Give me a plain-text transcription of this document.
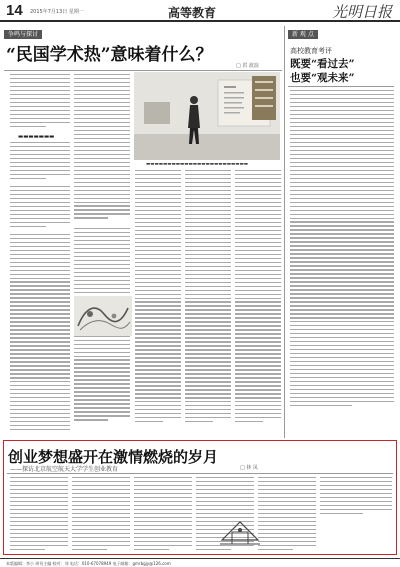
14 2015年7月13日 星期一	高等教育	光明日报
争鸣与探讨
“民国学术热”意味着什么？
□ 洪 波浪
▬▬▬▬▬▬▬
▬▬▬▬▬▬▬▬▬▬▬▬▬▬▬▬▬▬▬▬▬▬▬▬
新 观 点
高校教育考评
既要“看过去”
也要“观未来”
创业梦想盛开在激情燃烧的岁月
——探访北京航空航天大学学生创业教育	□ 林 凤
本版编辑：李小 周刊主编 校对：刘 电话：010-67078949 电子邮箱：gmrbgjy@126.com
